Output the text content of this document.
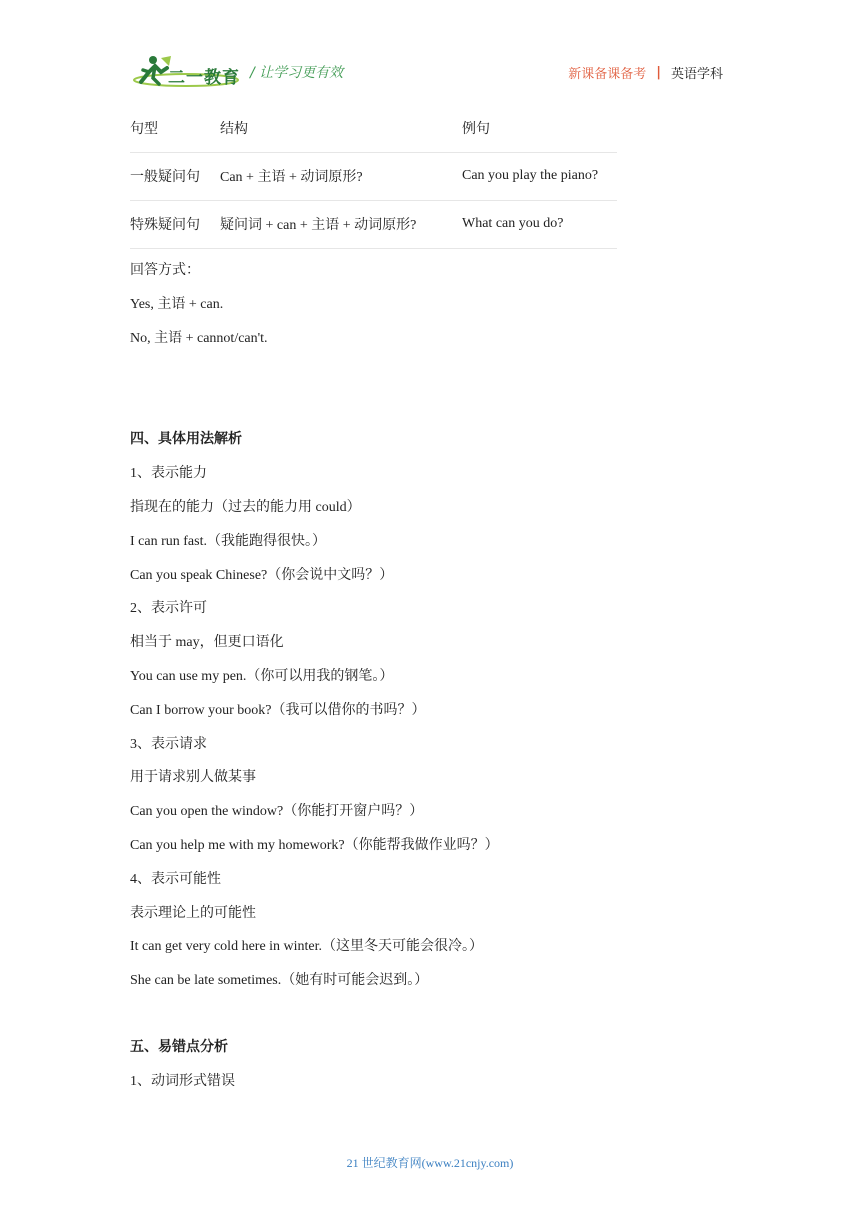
二一教育 / 让学习更有效	新课备课备考 | 英语学科
句型	结构	例句
一般疑问句	Can + 主语 + 动词原形?	Can you play the piano?
特殊疑问句	疑问词 + can + 主语 + 动词原形?	What can you do?
回答方式：
Yes, 主语 + can.
No, 主语 + cannot/can't.
四、具体用法解析
1、表示能力
指现在的能力（过去的能力用 could）
I can run fast.（我能跑得很快。）
Can you speak Chinese?（你会说中文吗？）
2、表示许可
相当于 may，但更口语化
You can use my pen.（你可以用我的钢笔。）
Can I borrow your book?（我可以借你的书吗？）
3、表示请求
用于请求别人做某事
Can you open the window?（你能打开窗户吗？）
Can you help me with my homework?（你能帮我做作业吗？）
4、表示可能性
表示理论上的可能性
It can get very cold here in winter.（这里冬天可能会很冷。）
She can be late sometimes.（她有时可能会迟到。）
五、易错点分析
1、动词形式错误
21 世纪教育网(www.21cnjy.com)
